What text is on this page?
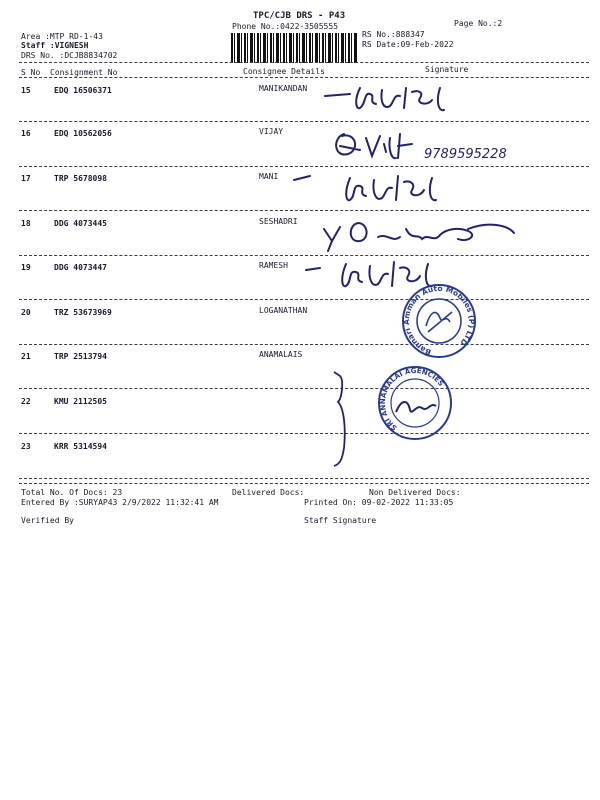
TPC/CJB DRS - P43
Phone No.:0422-3505555	Page No.:2
Area :MTP RD-1-43
Staff :VIGNESH
DRS No. :DCJB8834702
RS No.:888347
RS Date:09-Feb-2022
S No Consignment No	Consignee Details	Signature
15	EDQ 16506371	MANIKANDAN
16	EDQ 10562056	VIJAY
17	TRP 5678098	MANI
18	DDG 4073445	SESHADRI
19	DDG 4073447	RAMESH
20	TRZ 53673969	LOGANATHAN
21	TRP 2513794	ANAMALAIS
22	KMU 2112505
23	KRR 5314594
9789595228
Bannari Amman Auto Mobiles (P) LTD
SRI ANNAMALAI AGENCIES
Total No. Of Docs: 23	Delivered Docs:	Non Delivered Docs:
Entered By :SURYAP43 2/9/2022 11:32:41 AM	Printed On: 09-02-2022 11:33:05
Verified By	Staff Signature
